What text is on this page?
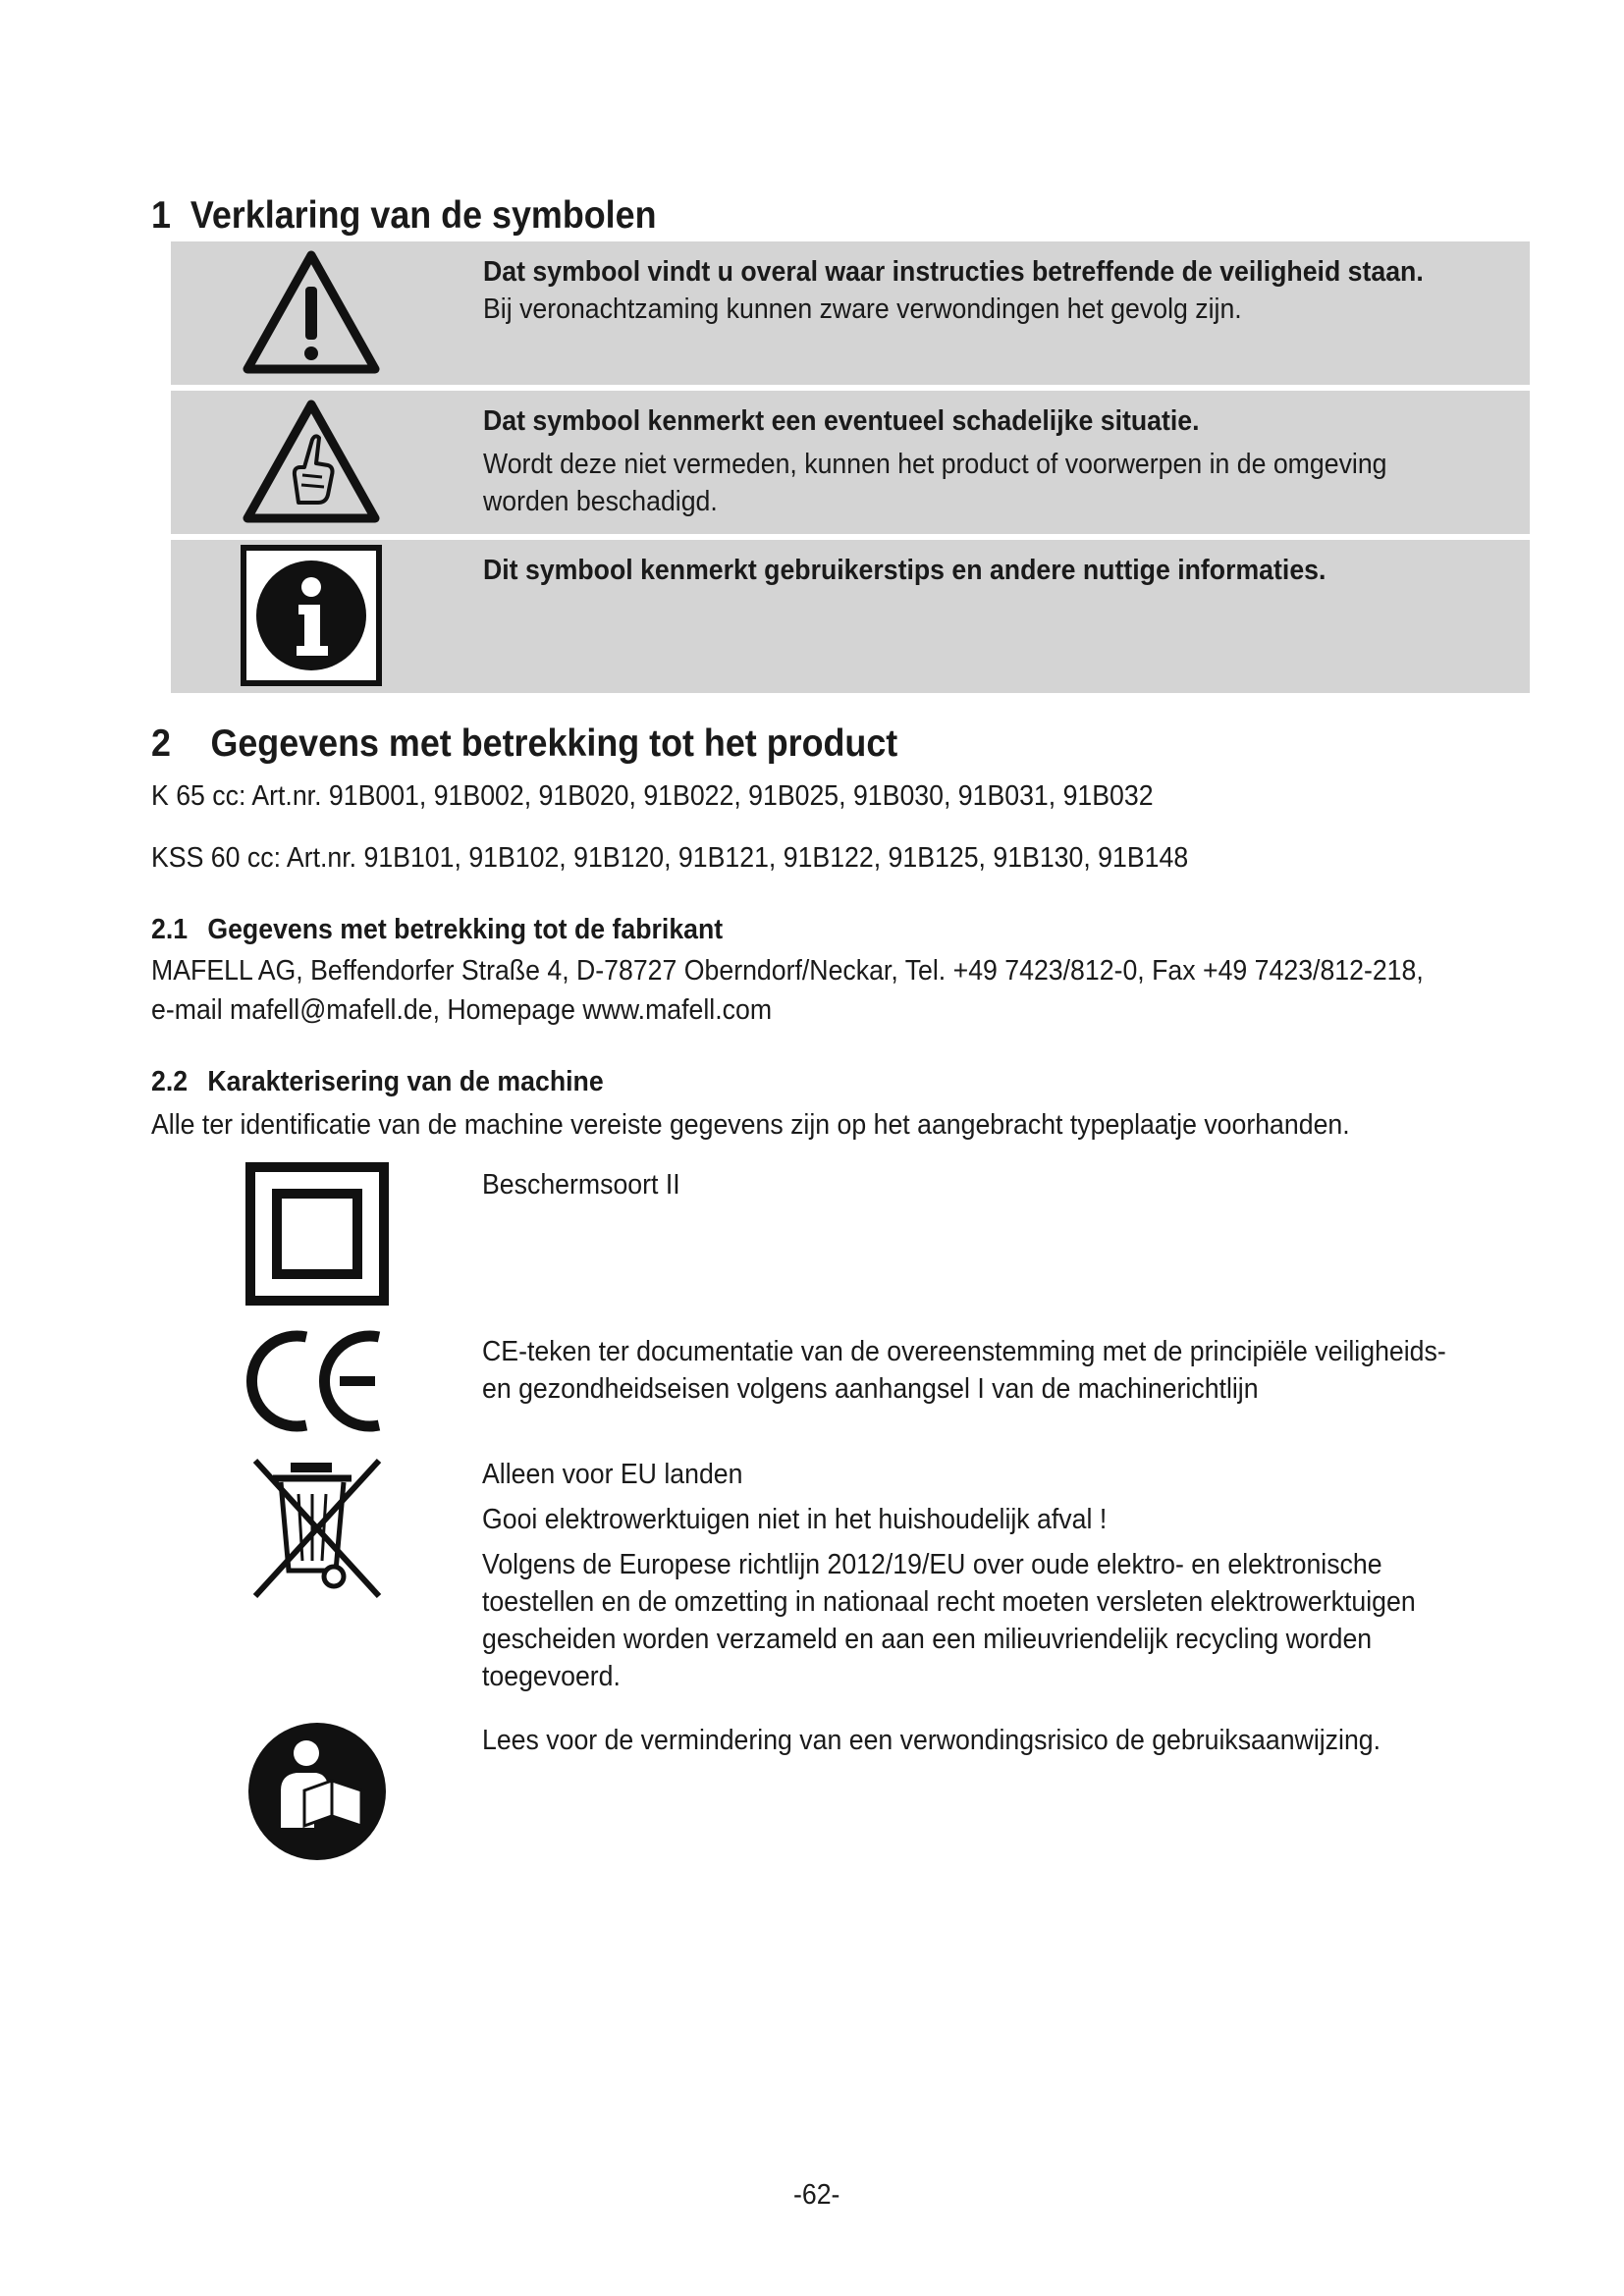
1 Verklaring van de symbolen
Dat symbool vindt u overal waar instructies betreffende de veiligheid staan.
Bij veronachtzaming kunnen zware verwondingen het gevolg zijn.
Dat symbool kenmerkt een eventueel schadelijke situatie.
Wordt deze niet vermeden, kunnen het product of voorwerpen in de omgeving
worden beschadigd.
Dit symbool kenmerkt gebruikerstips en andere nuttige informaties.
2 Gegevens met betrekking tot het product
K 65 cc: Art.nr. 91B001, 91B002, 91B020, 91B022, 91B025, 91B030, 91B031, 91B032
KSS 60 cc: Art.nr. 91B101, 91B102, 91B120, 91B121, 91B122, 91B125, 91B130, 91B148
2.1 Gegevens met betrekking tot de fabrikant
MAFELL AG, Beffendorfer Straße 4, D-78727 Oberndorf/Neckar, Tel. +49 7423/812-0, Fax +49 7423/812-218,
e-mail mafell@mafell.de, Homepage www.mafell.com
2.2 Karakterisering van de machine
Alle ter identificatie van de machine vereiste gegevens zijn op het aangebracht typeplaatje voorhanden.
Beschermsoort II
CE-teken ter documentatie van de overeenstemming met de principiële veiligheids-
en gezondheidseisen volgens aanhangsel I van de machinerichtlijn
Alleen voor EU landen
Gooi elektrowerktuigen niet in het huishoudelijk afval !
Volgens de Europese richtlijn 2012/19/EU over oude elektro- en elektronische
toestellen en de omzetting in nationaal recht moeten versleten elektrowerktuigen
gescheiden worden verzameld en aan een milieuvriendelijk recycling worden
toegevoerd.
Lees voor de vermindering van een verwondingsrisico de gebruiksaanwijzing.
-62-
